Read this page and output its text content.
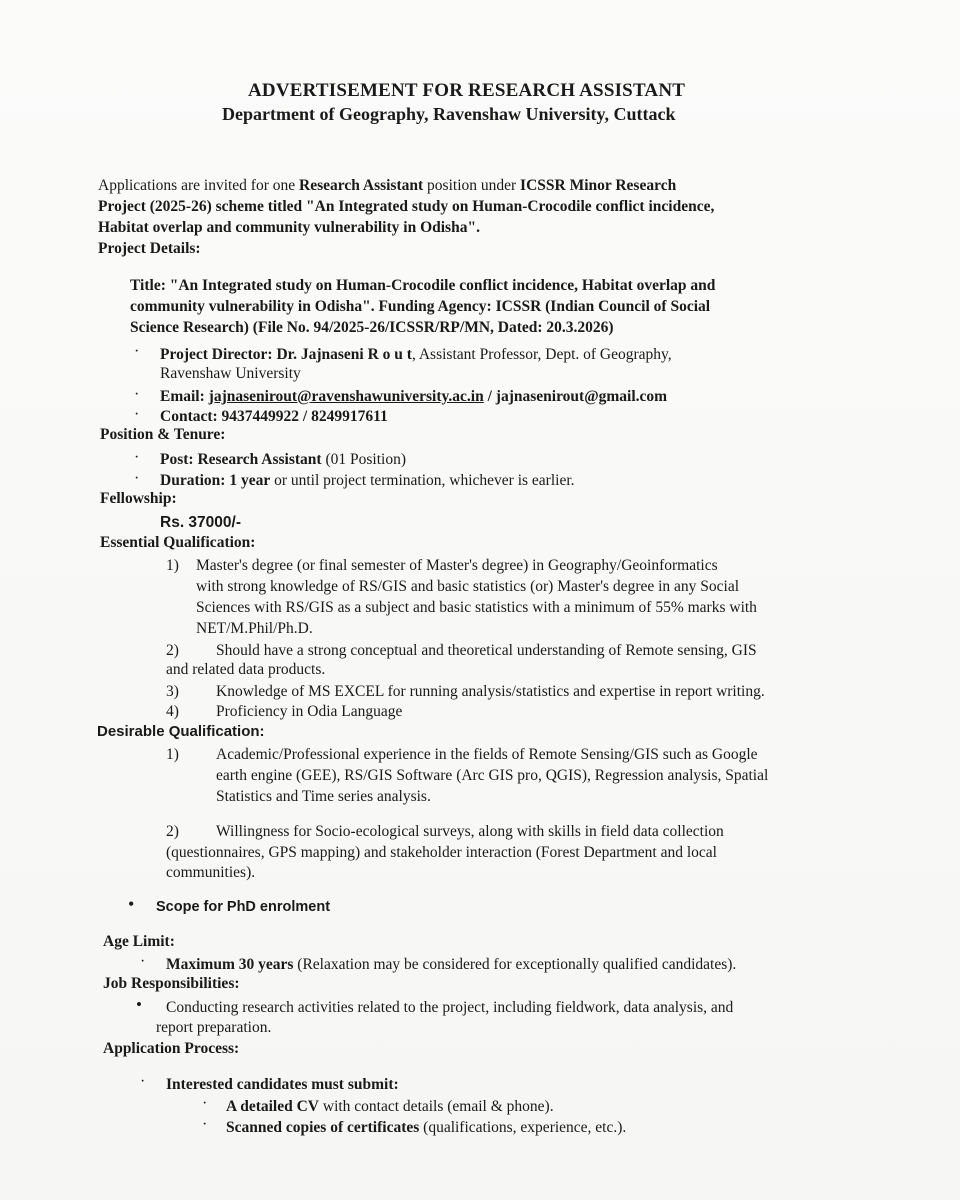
ADVERTISEMENT FOR RESEARCH ASSISTANT
Department of Geography, Ravenshaw University, Cuttack
Applications are invited for one Research Assistant position under ICSSR Minor Research
Project (2025-26) scheme titled "An Integrated study on Human-Crocodile conflict incidence,
Habitat overlap and community vulnerability in Odisha".
Project Details:
Title: "An Integrated study on Human-Crocodile conflict incidence, Habitat overlap and
community vulnerability in Odisha". Funding Agency: ICSSR (Indian Council of Social
Science Research) (File No. 94/2025-26/ICSSR/RP/MN, Dated: 20.3.2026)
· Project Director: Dr. Jajnaseni R o u t, Assistant Professor, Dept. of Geography,
Ravenshaw University
· Email: jajnasenirout@ravenshawuniversity.ac.in / jajnasenirout@gmail.com
· Contact: 9437449922 / 8249917611
Position & Tenure:
· Post: Research Assistant (01 Position)
· Duration: 1 year or until project termination, whichever is earlier.
Fellowship:
Rs. 37000/-
Essential Qualification:
1) Master's degree (or final semester of Master's degree) in Geography/Geoinformatics
with strong knowledge of RS/GIS and basic statistics (or) Master's degree in any Social
Sciences with RS/GIS as a subject and basic statistics with a minimum of 55% marks with
NET/M.Phil/Ph.D.
2) Should have a strong conceptual and theoretical understanding of Remote sensing, GIS
and related data products.
3) Knowledge of MS EXCEL for running analysis/statistics and expertise in report writing.
4) Proficiency in Odia Language
Desirable Qualification:
1) Academic/Professional experience in the fields of Remote Sensing/GIS such as Google
earth engine (GEE), RS/GIS Software (Arc GIS pro, QGIS), Regression analysis, Spatial
Statistics and Time series analysis.
2) Willingness for Socio-ecological surveys, along with skills in field data collection
(questionnaires, GPS mapping) and stakeholder interaction (Forest Department and local
communities).
• Scope for PhD enrolment
Age Limit:
· Maximum 30 years (Relaxation may be considered for exceptionally qualified candidates).
Job Responsibilities:
• Conducting research activities related to the project, including fieldwork, data analysis, and
report preparation.
Application Process:
· Interested candidates must submit:
· A detailed CV with contact details (email & phone).
· Scanned copies of certificates (qualifications, experience, etc.).
